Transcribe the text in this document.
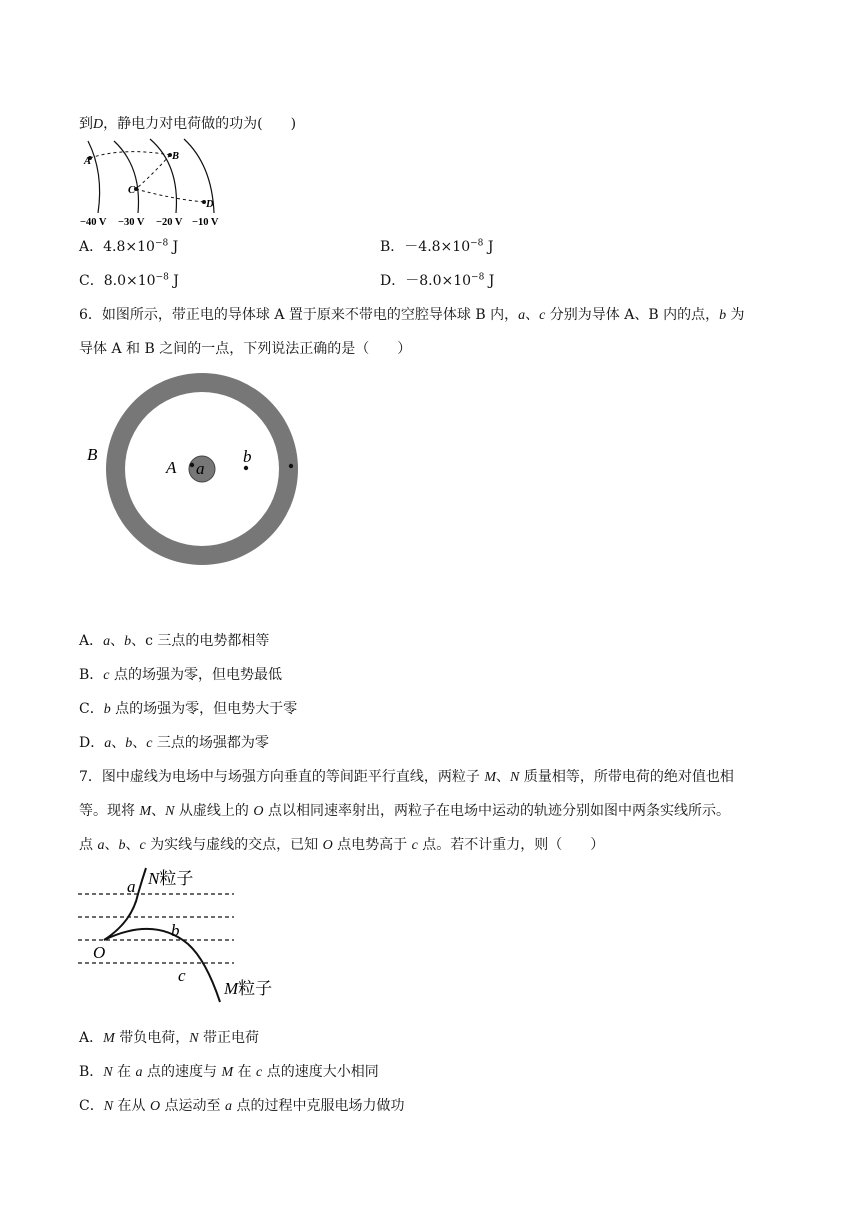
到D，静电力对电荷做的功为(　　)
A	B
C
D
−40 V −30 V −20 V −10 V
A．$4.8\times 10^{-8}$ J	B．$-4.8\times 10^{-8}$ J
C．$8.0\times 10^{-8}$ J	D．$-8.0\times 10^{-8}$ J
6．如图所示，带正电的导体球 A 置于原来不带电的空腔导体球 B 内，a、c 分别为导体 A、B 内的点，b 为
导体 A 和 B 之间的一点，下列说法正确的是（　　）
B
A a
b
A．a、b、c 三点的电势都相等
B．c 点的场强为零，但电势最低
C．b 点的场强为零，但电势大于零
D．a、b、c 三点的场强都为零
7．图中虚线为电场中与场强方向垂直的等间距平行直线，两粒子 M、N 质量相等，所带电荷的绝对值也相
等。现将 M、N 从虚线上的 O 点以相同速率射出，两粒子在电场中运动的轨迹分别如图中两条实线所示。
点 a、b、c 为实线与虚线的交点，已知 O 点电势高于 c 点。若不计重力，则（　　）
O
a
b
c
N粒子
M粒子
A．M 带负电荷，N 带正电荷
B．N 在 a 点的速度与 M 在 c 点的速度大小相同
C．N 在从 O 点运动至 a 点的过程中克服电场力做功
